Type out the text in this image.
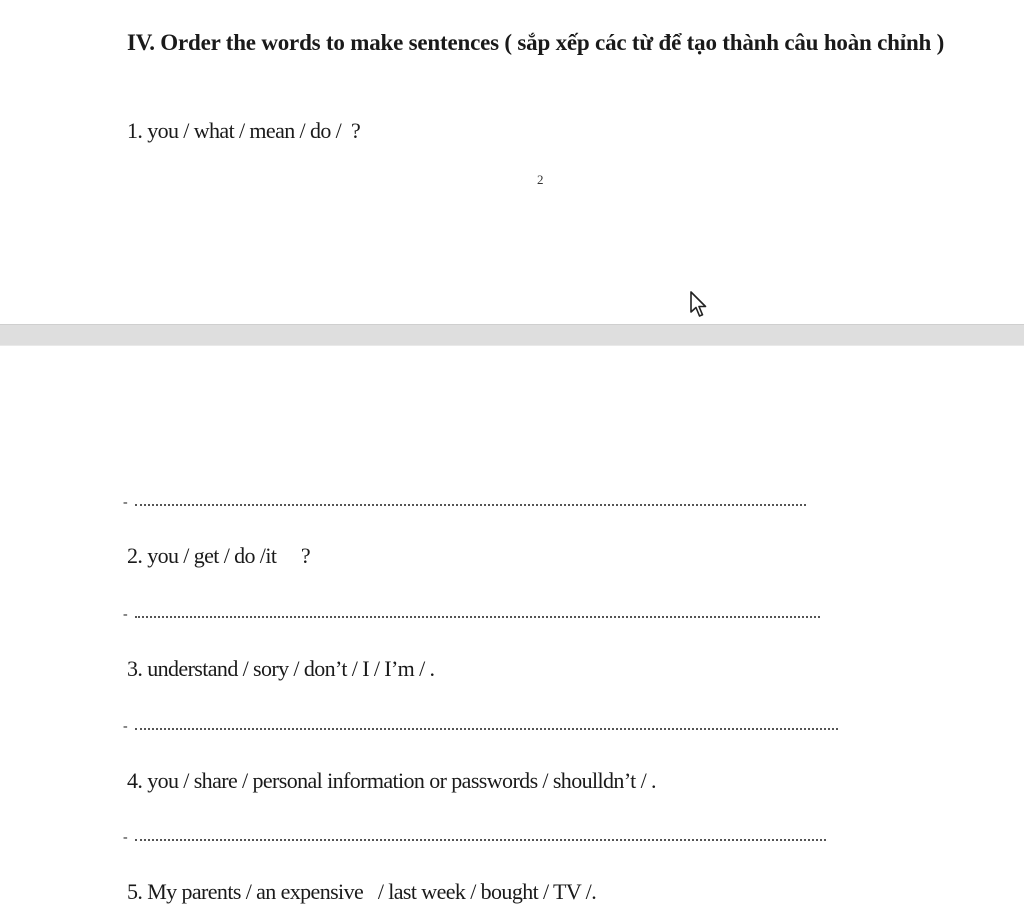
IV. Order the words to make sentences ( sắp xếp các từ để tạo thành câu hoàn chỉnh )
1. you / what / mean / do /  ?
2
-
2. you / get / do /it     ?
-
3. understand / sory / don’t / I / I’m / .
-
4. you / share / personal information or passwords / shoulldn’t / .
-
5. My parents / an expensive   / last week / bought / TV /.
